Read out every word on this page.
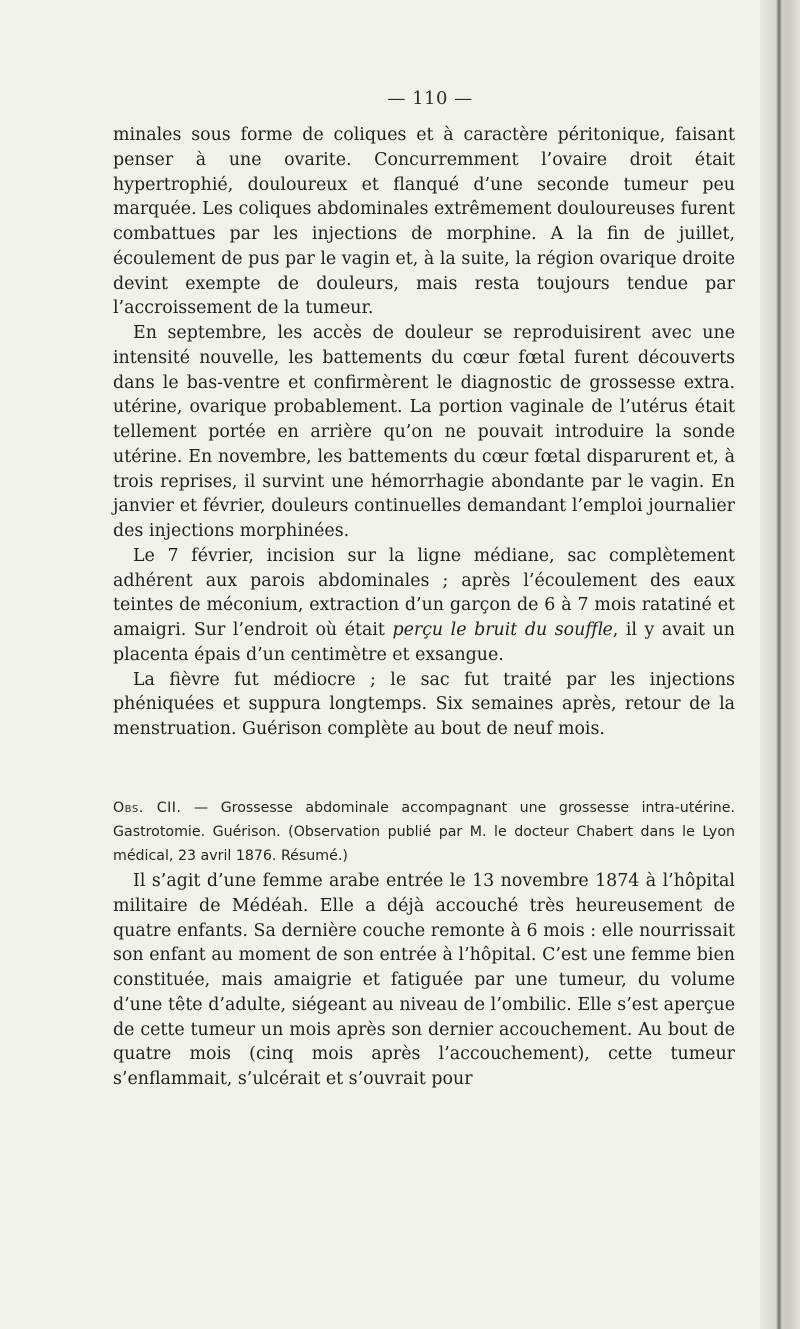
— 110 —

minales sous forme de coliques et à caractère péritonique, faisant penser à une ovarite. Concurremment l’ovaire droit était hypertrophié, douloureux et flanqué d’une seconde tumeur peu marquée. Les coliques abdominales extrêmement douloureuses furent combattues par les injections de morphine. A la fin de juillet, écoulement de pus par le vagin et, à la suite, la région ovarique droite devint exempte de douleurs, mais resta toujours tendue par l’accroissement de la tumeur.

En septembre, les accès de douleur se reproduisirent avec une intensité nouvelle, les battements du cœur fœtal furent découverts dans le bas-ventre et confirmèrent le diagnostic de grossesse extra. utérine, ovarique probablement. La portion vaginale de l’utérus était tellement portée en arrière qu’on ne pouvait introduire la sonde utérine. En novembre, les battements du cœur fœtal disparurent et, à trois reprises, il survint une hémorrhagie abondante par le vagin. En janvier et février, douleurs continuelles demandant l’emploi journalier des injections morphinées.

Le 7 février, incision sur la ligne médiane, sac complètement adhérent aux parois abdominales ; après l’écoulement des eaux teintes de méconium, extraction d’un garçon de 6 à 7 mois ratatiné et amaigri. Sur l’endroit où était perçu le bruit du souffle, il y avait un placenta épais d’un centimètre et exsangue.

La fièvre fut médiocre ; le sac fut traité par les injections phéniquées et suppura longtemps. Six semaines après, retour de la menstruation. Guérison complète au bout de neuf mois.

Obs. CII. — Grossesse abdominale accompagnant une grossesse intra-utérine. Gastrotomie. Guérison. (Observation publié par M. le docteur Chabert dans le Lyon médical, 23 avril 1876. Résumé.)

Il s’agit d’une femme arabe entrée le 13 novembre 1874 à l’hôpital militaire de Médéah. Elle a déjà accouché très heureusement de quatre enfants. Sa dernière couche remonte à 6 mois : elle nourrissait son enfant au moment de son entrée à l’hôpital. C’est une femme bien constituée, mais amaigrie et fatiguée par une tumeur, du volume d’une tête d’adulte, siégeant au niveau de l’ombilic. Elle s’est aperçue de cette tumeur un mois après son dernier accouchement. Au bout de quatre mois (cinq mois après l’accouchement), cette tumeur s’enflammait, s’ulcérait et s’ouvrait pour
